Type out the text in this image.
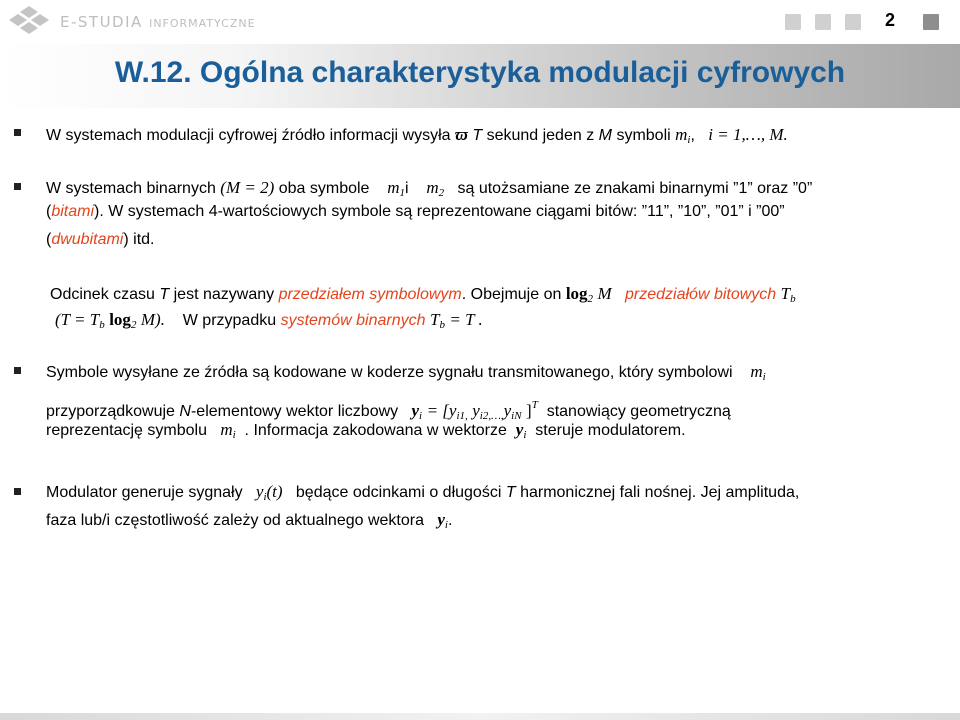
E-STUDIA INFORMATYCZNE	2
W.12. Ogólna charakterystyka modulacji cyfrowych
W systemach modulacji cyfrowej źródło informacji wysyła ϖ T sekund jeden z M symboli mi, i = 1,…, M.
W systemach binarnych (M = 2) oba symbole m1i m2 są utożsamiane ze znakami binarnymi ”1” oraz ”0”
(bitami). W systemach 4-wartościowych symbole są reprezentowane ciągami bitów: ”11”, ”10”, ”01” i ”00”
(dwubitami) itd.
Odcinek czasu T jest nazywany przedziałem symbolowym. Obejmuje on log2 M przedziałów bitowych Tb
(T = Tb log2 M). W przypadku systemów binarnych Tb = T .
Symbole wysyłane ze źródła są kodowane w koderze sygnału transmitowanego, który symbolowi mi
przyporządkowuje N-elementowy wektor liczbowy yi = [yi1, yi2,…,yiN ]$^T$ stanowiący geometryczną
reprezentację symbolu mi . Informacja zakodowana w wektorze yi steruje modulatorem.
Modulator generuje sygnały yi(t) będące odcinkami o długości T harmonicznej fali nośnej. Jej amplituda,
faza lub/i częstotliwość zależy od aktualnego wektora yi.
